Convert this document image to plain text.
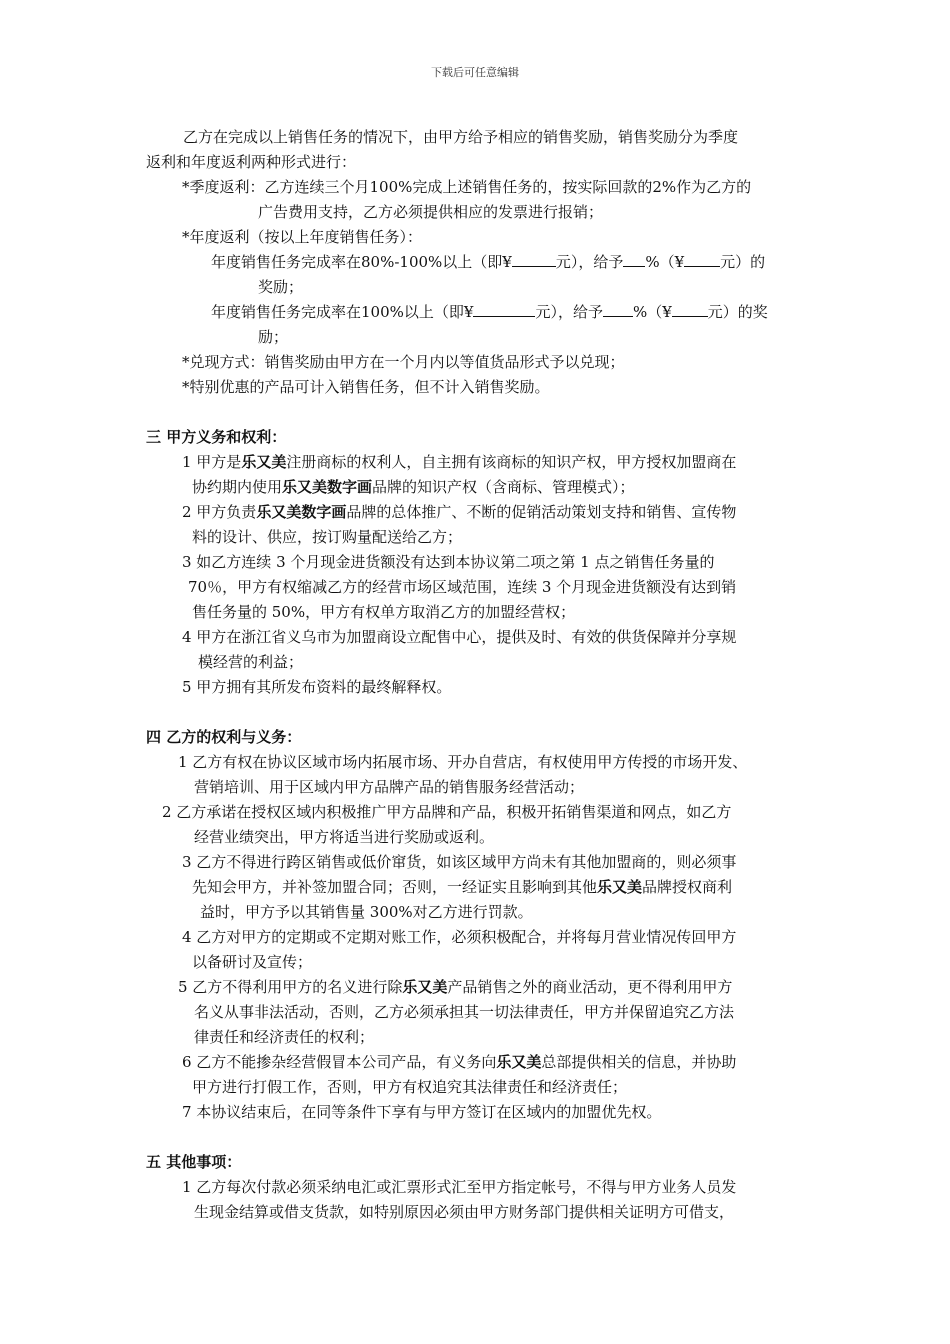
下载后可任意编辑
乙方在完成以上销售任务的情况下，由甲方给予相应的销售奖励，销售奖励分为季度
返利和年度返利两种形式进行：
*季度返利：乙方连续三个月100%完成上述销售任务的，按实际回款的2%作为乙方的
广告费用支持，乙方必须提供相应的发票进行报销；
*年度返利（按以上年度销售任务）：
年度销售任务完成率在80%-100%以上（即¥	元），给予 %（¥ 元）的
奖励；
年度销售任务完成率在100%以上（即¥	元），给予 %（¥ 元）的奖
励；
*兑现方式：销售奖励由甲方在一个月内以等值货品形式予以兑现；
*特别优惠的产品可计入销售任务，但不计入销售奖励。
三 甲方义务和权利：
1 甲方是乐又美注册商标的权利人，自主拥有该商标的知识产权，甲方授权加盟商在
协约期内使用乐又美数字画品牌的知识产权（含商标、管理模式）；
2 甲方负责乐又美数字画品牌的总体推广、不断的促销活动策划支持和销售、宣传物
料的设计、供应，按订购量配送给乙方；
3 如乙方连续 3 个月现金进货额没有达到本协议第二项之第 1 点之销售任务量的
70％，甲方有权缩减乙方的经营市场区域范围，连续 3 个月现金进货额没有达到销
售任务量的 50%，甲方有权单方取消乙方的加盟经营权；
4 甲方在浙江省义乌市为加盟商设立配售中心，提供及时、有效的供货保障并分享规
模经营的利益；
5 甲方拥有其所发布资料的最终解释权。
四 乙方的权利与义务：
1 乙方有权在协议区域市场内拓展市场、开办自营店，有权使用甲方传授的市场开发、
营销培训、用于区域内甲方品牌产品的销售服务经营活动；
2 乙方承诺在授权区域内积极推广甲方品牌和产品，积极开拓销售渠道和网点，如乙方
经营业绩突出，甲方将适当进行奖励或返利。
3 乙方不得进行跨区销售或低价窜货，如该区域甲方尚未有其他加盟商的，则必须事
先知会甲方，并补签加盟合同；否则，一经证实且影响到其他乐又美品牌授权商利
益时，甲方予以其销售量 300%对乙方进行罚款。
4 乙方对甲方的定期或不定期对账工作，必须积极配合，并将每月营业情况传回甲方
以备研讨及宣传；
5 乙方不得利用甲方的名义进行除乐又美产品销售之外的商业活动，更不得利用甲方
名义从事非法活动，否则，乙方必须承担其一切法律责任，甲方并保留追究乙方法
律责任和经济责任的权利；
6 乙方不能掺杂经营假冒本公司产品，有义务向乐又美总部提供相关的信息，并协助
甲方进行打假工作，否则，甲方有权追究其法律责任和经济责任；
7 本协议结束后，在同等条件下享有与甲方签订在区域内的加盟优先权。
五 其他事项：
1 乙方每次付款必须采纳电汇或汇票形式汇至甲方指定帐号，不得与甲方业务人员发
生现金结算或借支货款，如特别原因必须由甲方财务部门提供相关证明方可借支，
